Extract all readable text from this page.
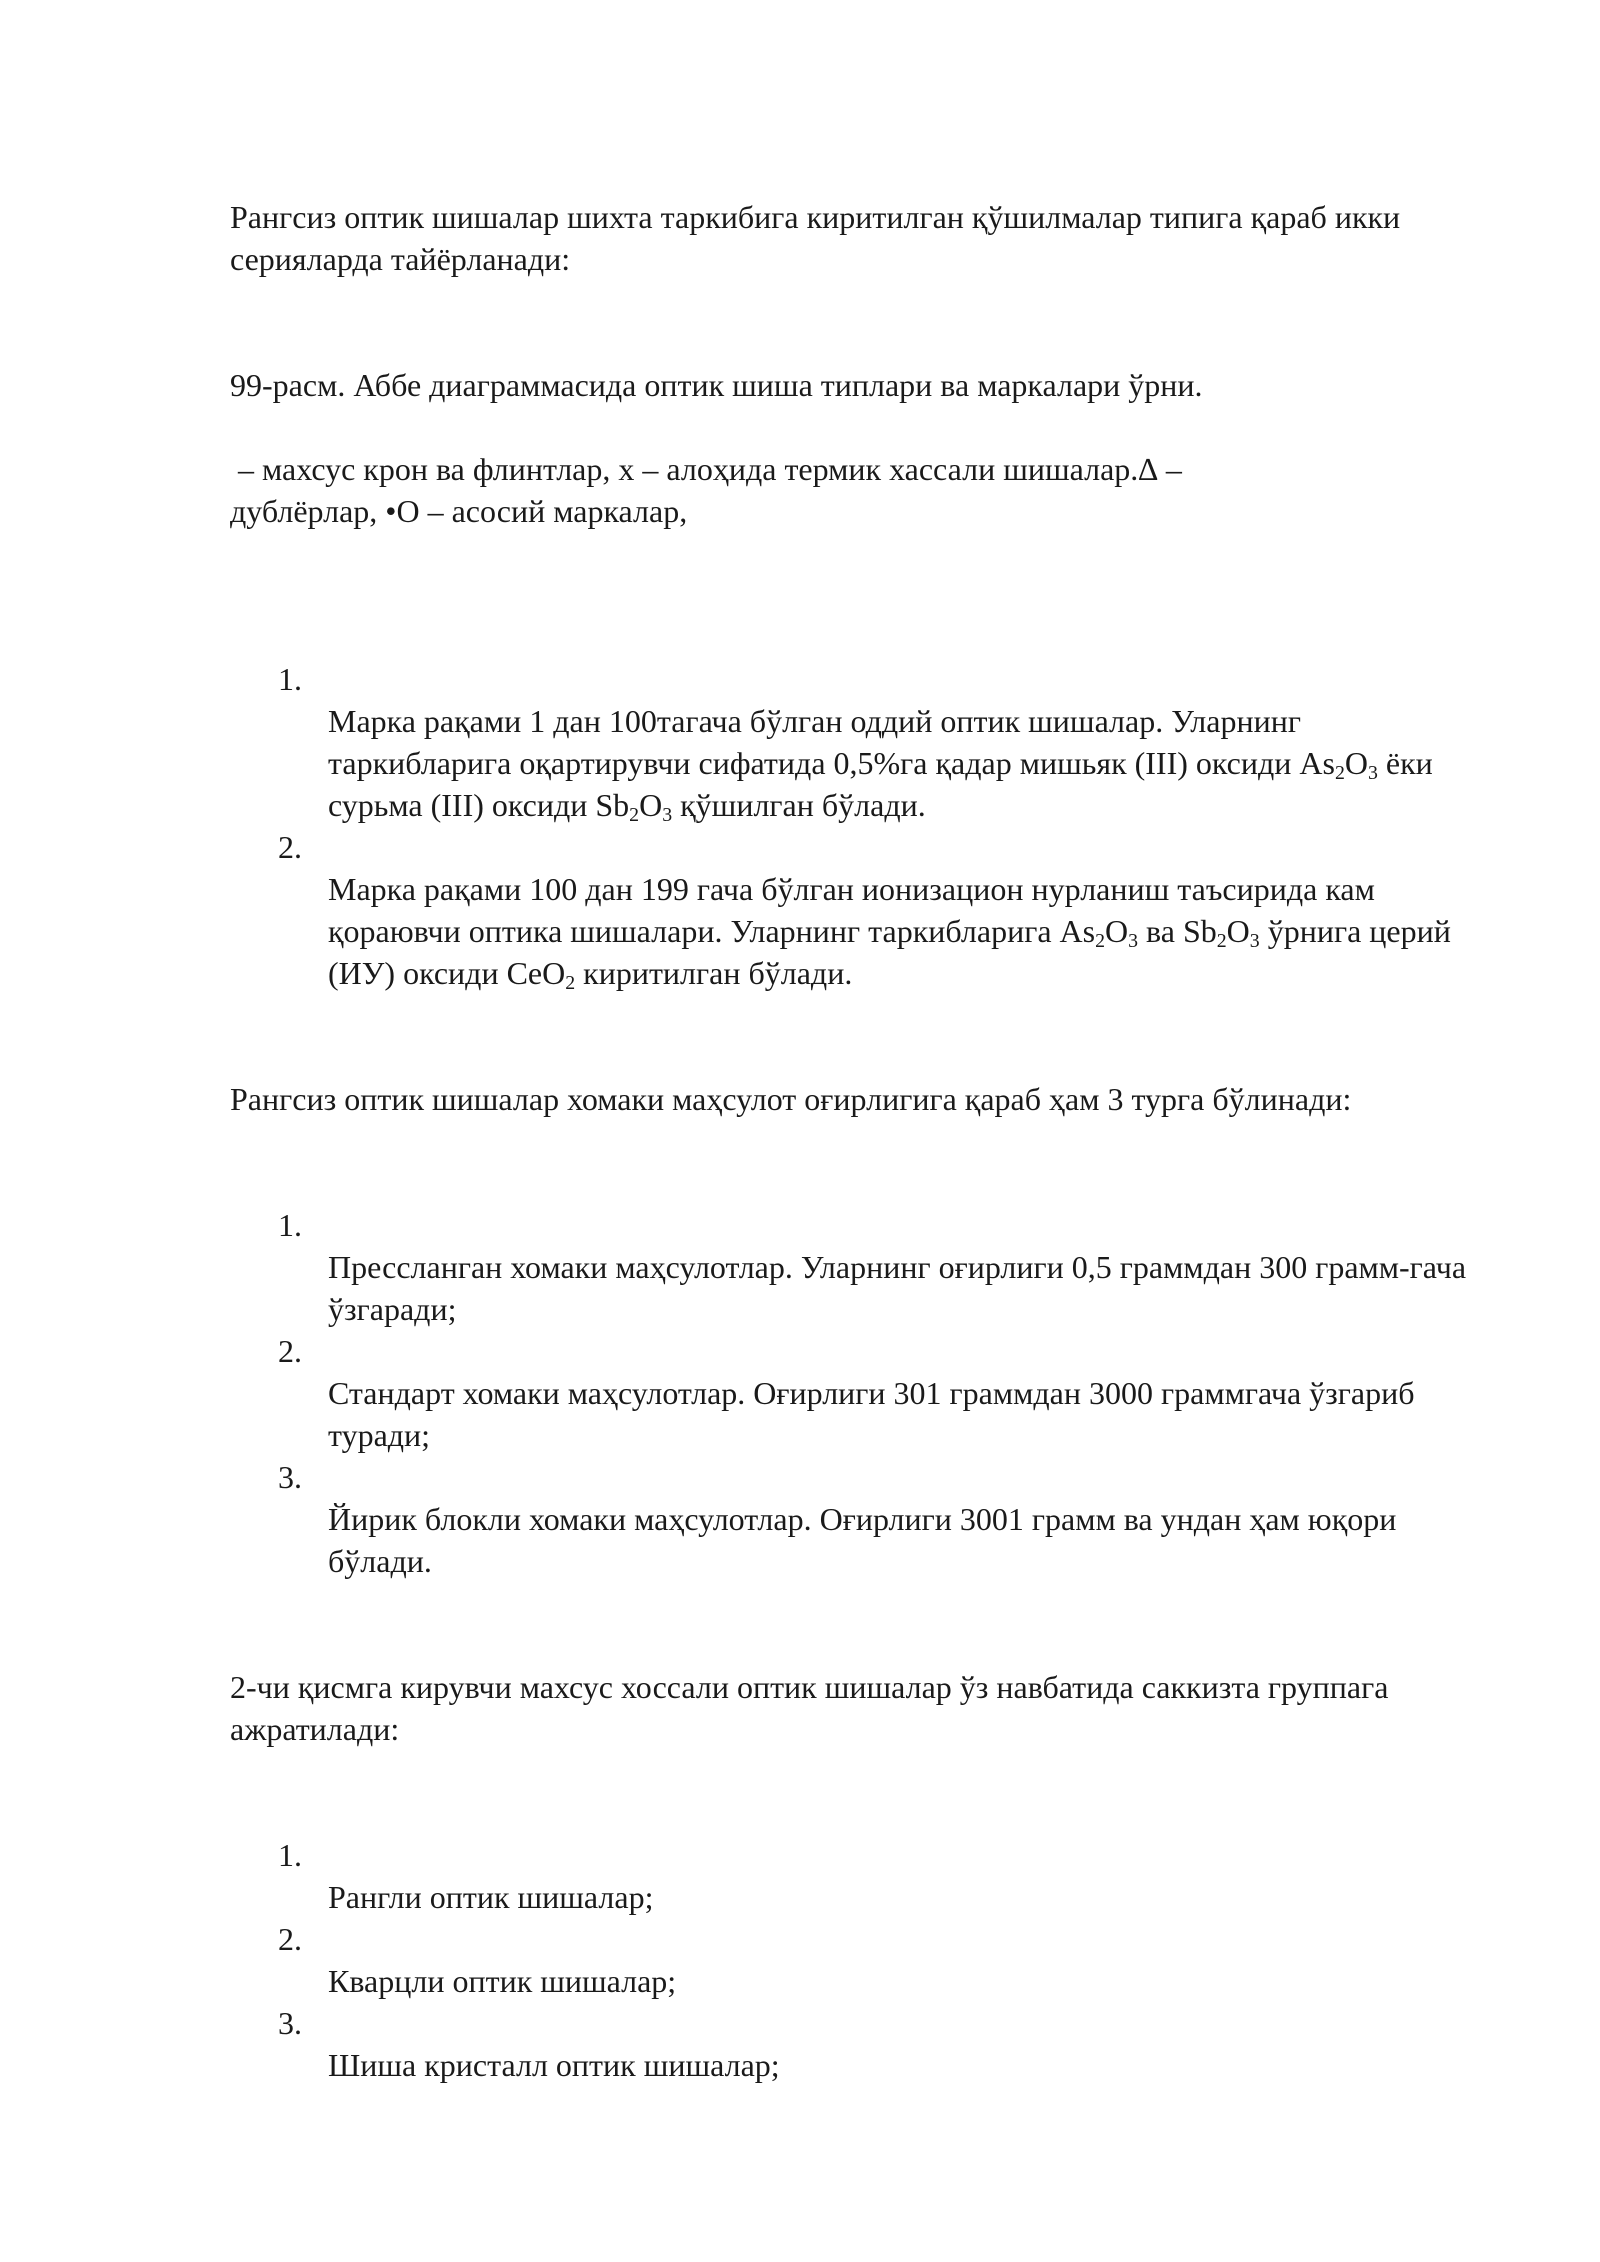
Рангсиз оптик шишалар шихта таркибига киритилган қўшилмалар типига қараб икки серияларда тайёрланади:

99-расм. Аббе диаграммасида оптик шиша типлари ва маркалари ўрни.

– махсус крон ва флинтлар, x – алоҳида термик хассали шишалар.∆ –
дублёрлар, •O – асосий маркалар,

1.
Марка рақами 1 дан 100тагача бўлган оддий оптик шишалар. Уларнинг таркибларига оқартирувчи сифатида 0,5%га қадар мишьяк (III) оксиди $As_2O_3$ ёки сурьма (III) оксиди $Sb_2O_3$ қўшилган бўлади.
2.
Марка рақами 100 дан 199 гача бўлган ионизацион нурланиш таъсирида кам қораювчи оптика шишалари. Уларнинг таркибларига $As_2O_3$ ва $Sb_2O_3$ ўрнига церий (ИУ) оксиди CeO$_2$ киритилган бўлади.

Рангсиз оптик шишалар хомаки маҳсулот оғирлигига қараб ҳам 3 турга бўлинади:

1.
Прессланган хомаки маҳсулотлар. Уларнинг оғирлиги 0,5 граммдан 300 грамм-гача ўзгаради;
2.
Стандарт хомаки маҳсулотлар. Оғирлиги 301 граммдан 3000 граммгача ўзгариб туради;
3.
Йирик блокли хомаки маҳсулотлар. Оғирлиги 3001 грамм ва ундан ҳам юқори бўлади.

2-чи қисмга кирувчи махсус хоссали оптик шишалар ўз навбатида саккизта группага ажратилади:

1.
Рангли оптик шишалар;
2.
Кварцли оптик шишалар;
3.
Шиша кристалл оптик шишалар;
